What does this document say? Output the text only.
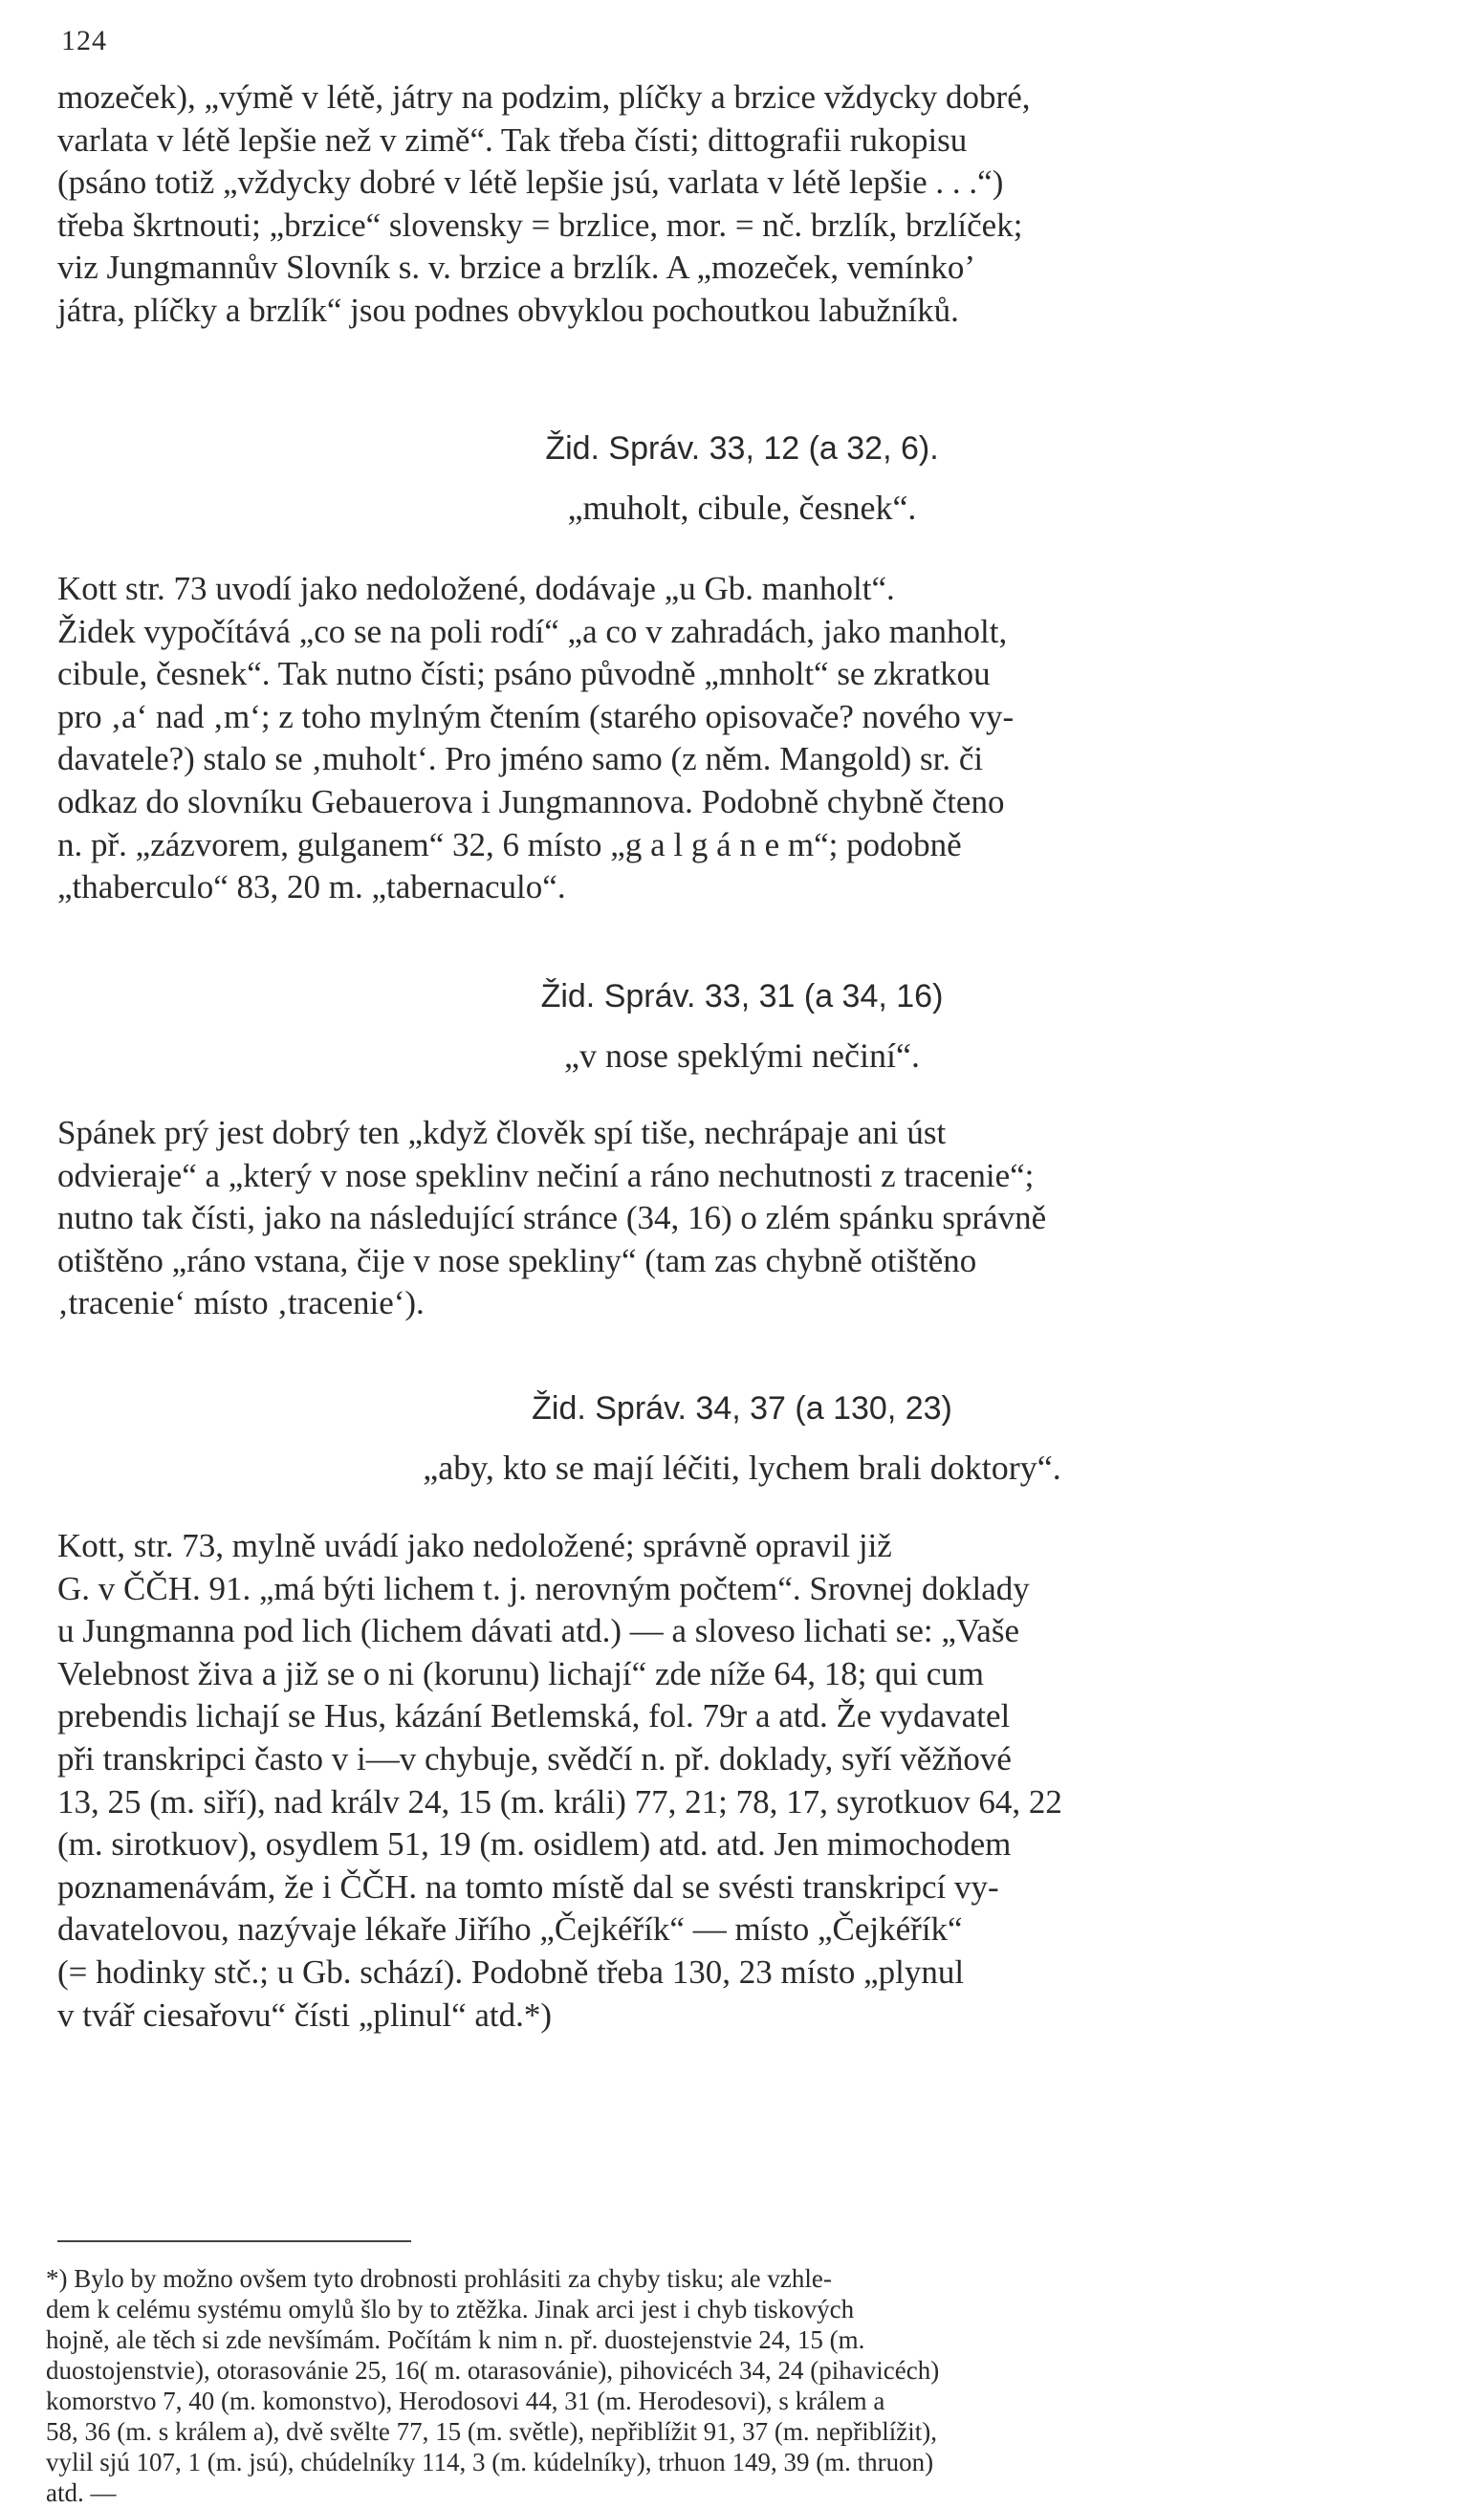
124

mozeček), „výmě v létě, játry na podzim, plíčky a brzice vždycky dobré,

varlata v létě lepšie než v zimě“. Tak třeba čísti; dittografii rukopisu

(psáno totiž „vždycky dobré v létě lepšie jsú, varlata v létě lepšie . . .“)

třeba škrtnouti; „brzice“ slovensky = brzlice, mor. = nč. brzlík, brzlíček;

viz Jungmannův Slovník s. v. brzice a brzlík. A „mozeček, vemínko’

játra, plíčky a brzlík“ jsou podnes obvyklou pochoutkou labužníků.

Žid. Správ. 33, 12 (a 32, 6).
„muholt, cibule, česnek“.

Kott str. 73 uvodí jako nedoložené, dodávaje „u Gb. manholt“.

Židek vypočítává „co se na poli rodí“ „a co v zahradách, jako manholt,

cibule, česnek“. Tak nutno čísti; psáno původně „mnholt“ se zkratkou

pro ‚a‘ nad ‚m‘; z toho mylným čtením (starého opisovače? nového vy-

davatele?) stalo se ‚muholt‘. Pro jméno samo (z něm. Mangold) sr. či

odkaz do slovníku Gebauerova i Jungmannova. Podobně chybně čteno

n. př. „zázvorem, gulganem“ 32, 6 místo „g a l g á n e m“; podobně

„thaberculo“ 83, 20 m. „tabernaculo“.

Žid. Správ. 33, 31 (a 34, 16)
„v nose speklými nečiní“.

Spánek prý jest dobrý ten „když člověk spí tiše, nechrápaje ani úst

odvieraje“ a „který v nose speklinv nečiní a ráno nechutnosti z tracenie“;

nutno tak čísti, jako na následující stránce (34, 16) o zlém spánku správně

otištěno „ráno vstana, čije v nose spekliny“ (tam zas chybně otištěno

‚tracenie‘ místo ‚tracenie‘).

Žid. Správ. 34, 37 (a 130, 23)
„aby, kto se mají léčiti, lychem brali doktory“.

Kott, str. 73, mylně uvádí jako nedoložené; správně opravil již

G. v ČČH. 91. „má býti lichem t. j. nerovným počtem“. Srovnej doklady

u Jungmanna pod lich (lichem dávati atd.) — a sloveso lichati se: „Vaše

Velebnost živa a již se o ni (korunu) lichají“ zde níže 64, 18; qui cum

prebendis lichají se Hus, kázání Betlemská, fol. 79r a atd. Že vydavatel

při transkripci často v i—v chybuje, svědčí n. př. doklady, syří věžňové

13, 25 (m. siří), nad králv 24, 15 (m. králi) 77, 21; 78, 17, syrotkuov 64, 22

(m. sirotkuov), osydlem 51, 19 (m. osidlem) atd. atd. Jen mimochodem

poznamenávám, že i ČČH. na tomto místě dal se svésti transkripcí vy-

davatelovou, nazývaje lékaře Jiřího „Čejkéřík“ — místo „Čejkéřík“

(= hodinky stč.; u Gb. schází). Podobně třeba 130, 23 místo „plynul

v tvář ciesařovu“ čísti „plinul“ atd.*)

*) Bylo by možno ovšem tyto drobnosti prohlásiti za chyby tisku; ale vzhle-

dem k celému systému omylů šlo by to ztěžka. Jinak arci jest i chyb tiskových

hojně, ale těch si zde nevšímám. Počítám k nim n. př. duostejenstvie 24, 15 (m.

duostojenstvie), otorasovánie 25, 16( m. otarasovánie), pihovicéch 34, 24 (pihavicéch)

komorstvo 7, 40 (m. komonstvo), Herodosovi 44, 31 (m. Herodesovi), s králem a

58, 36 (m. s králem a), dvě svělte 77, 15 (m. světle), nepřiblížit 91, 37 (m. nepřiblížit),

vylil sjú 107, 1 (m. jsú), chúdelníky 114, 3 (m. kúdelníky), trhuon 149, 39 (m. thruon)

atd. —
